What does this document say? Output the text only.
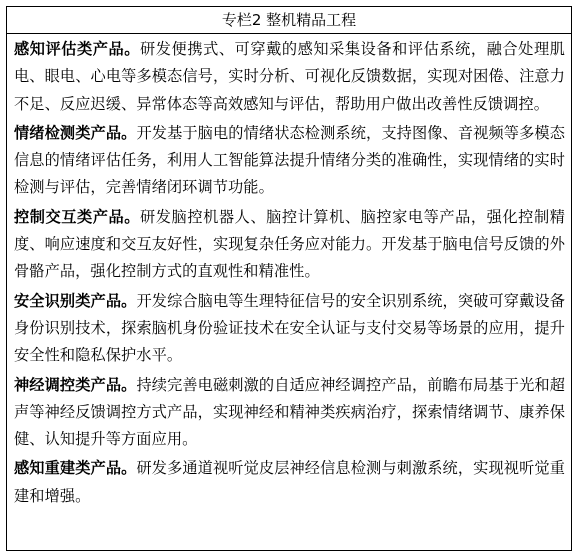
专栏2 整机精品工程

感知评估类产品。研发便携式、可穿戴的感知采集设备和评估系统，融合处理肌电、眼电、心电等多模态信号，实时分析、可视化反馈数据，实现对困倦、注意力不足、反应迟缓、异常体态等高效感知与评估，帮助用户做出改善性反馈调控。

情绪检测类产品。开发基于脑电的情绪状态检测系统，支持图像、音视频等多模态信息的情绪评估任务，利用人工智能算法提升情绪分类的准确性，实现情绪的实时检测与评估，完善情绪闭环调节功能。

控制交互类产品。研发脑控机器人、脑控计算机、脑控家电等产品，强化控制精度、响应速度和交互友好性，实现复杂任务应对能力。开发基于脑电信号反馈的外骨骼产品，强化控制方式的直观性和精准性。

安全识别类产品。开发综合脑电等生理特征信号的安全识别系统，突破可穿戴设备身份识别技术，探索脑机身份验证技术在安全认证与支付交易等场景的应用，提升安全性和隐私保护水平。

神经调控类产品。持续完善电磁刺激的自适应神经调控产品，前瞻布局基于光和超声等神经反馈调控方式产品，实现神经和精神类疾病治疗，探索情绪调节、康养保健、认知提升等方面应用。

感知重建类产品。研发多通道视听觉皮层神经信息检测与刺激系统，实现视听觉重建和增强。
